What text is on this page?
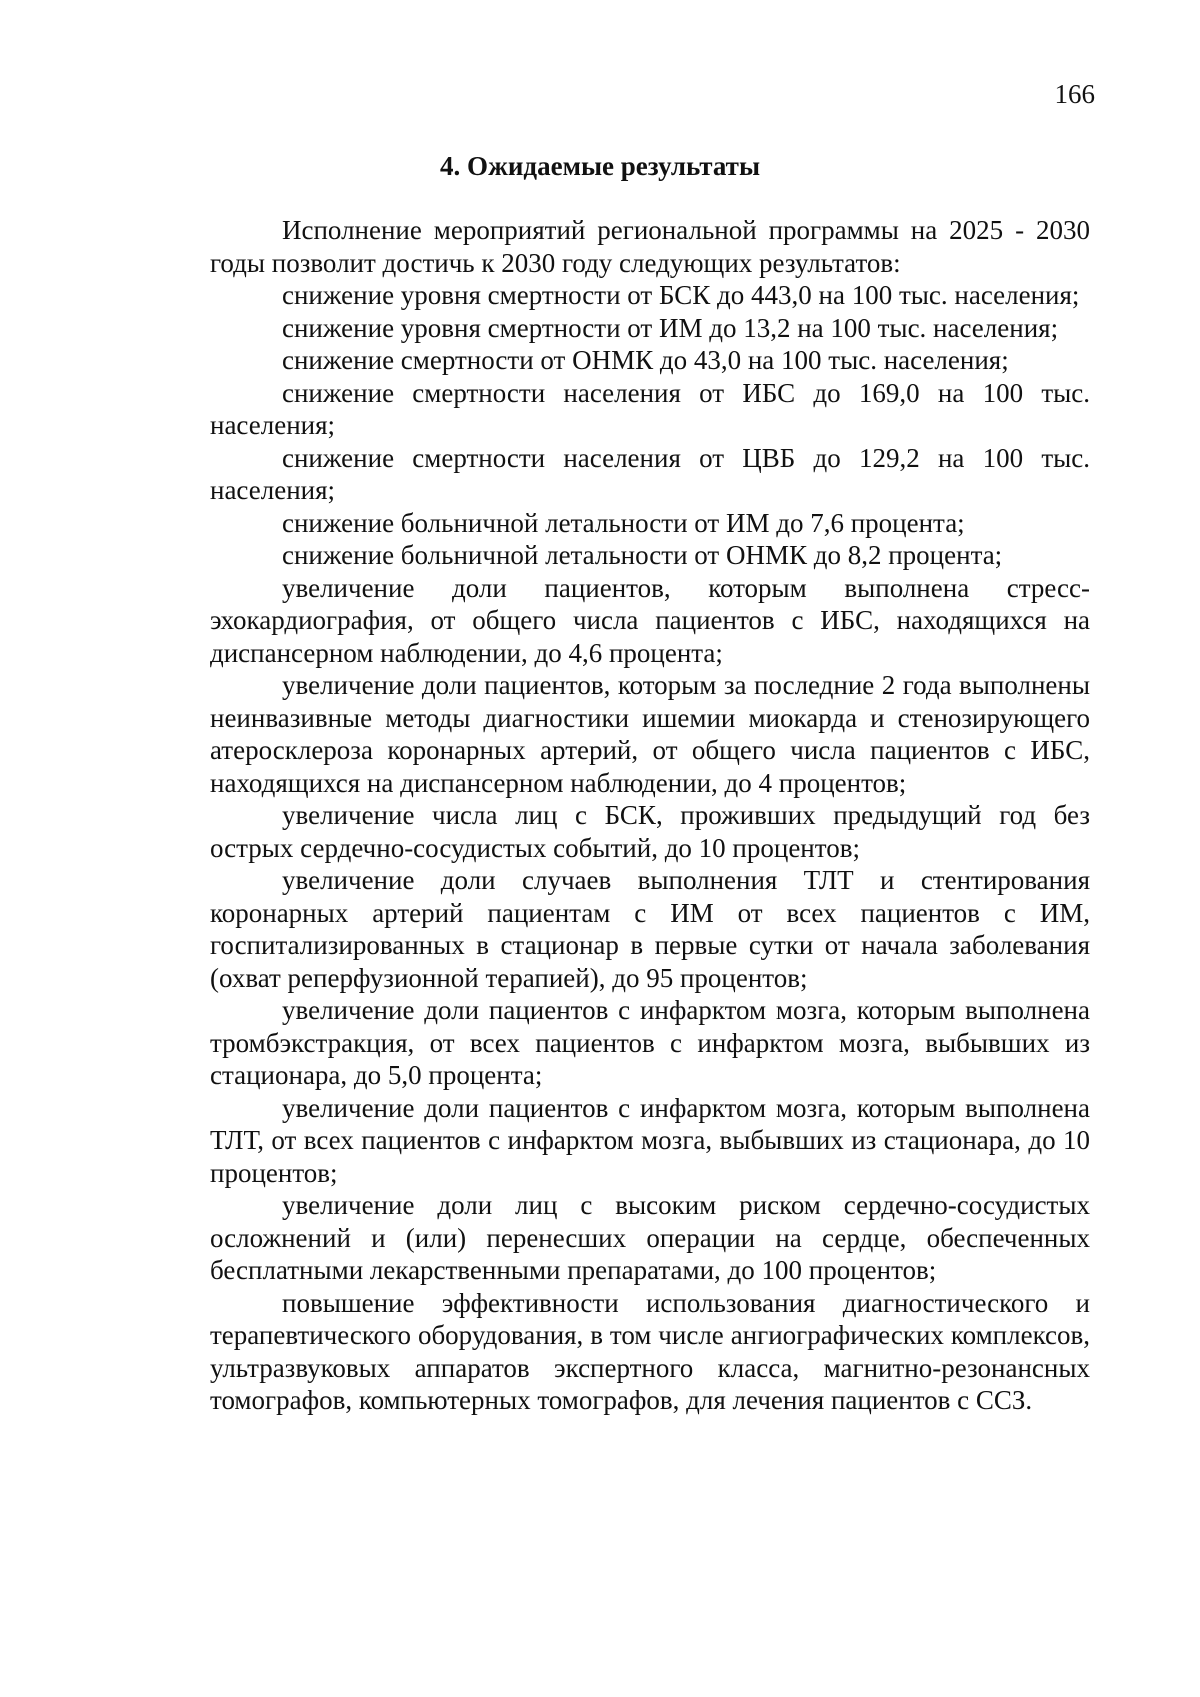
166
4. Ожидаемые результаты

Исполнение мероприятий региональной программы на 2025 - 2030 годы позволит достичь к 2030 году следующих результатов:

снижение уровня смертности от БСК до 443,0 на 100 тыс. населения;

снижение уровня смертности от ИМ до 13,2 на 100 тыс. населения;

снижение смертности от ОНМК до 43,0 на 100 тыс. населения;

снижение смертности населения от ИБС до 169,0 на 100 тыс. населения;

снижение смертности населения от ЦВБ до 129,2 на 100 тыс. населения;

снижение больничной летальности от ИМ до 7,6 процента;

снижение больничной летальности от ОНМК до 8,2 процента;

увеличение доли пациентов, которым выполнена стресс-эхокардиография, от общего числа пациентов с ИБС, находящихся на диспансерном наблюдении, до 4,6 процента;

увеличение доли пациентов, которым за последние 2 года выполнены неинвазивные методы диагностики ишемии миокарда и стенозирующего атеросклероза коронарных артерий, от общего числа пациентов с ИБС, находящихся на диспансерном наблюдении, до 4 процентов;

увеличение числа лиц с БСК, проживших предыдущий год без острых сердечно-сосудистых событий, до 10 процентов;

увеличение доли случаев выполнения ТЛТ и стентирования коронарных артерий пациентам с ИМ от всех пациентов с ИМ, госпитализированных в стационар в первые сутки от начала заболевания (охват реперфузионной терапией), до 95 процентов;

увеличение доли пациентов с инфарктом мозга, которым выполнена тромбэкстракция, от всех пациентов с инфарктом мозга, выбывших из стационара, до 5,0 процента;

увеличение доли пациентов с инфарктом мозга, которым выполнена ТЛТ, от всех пациентов с инфарктом мозга, выбывших из стационара, до 10 процентов;

увеличение доли лиц с высоким риском сердечно-сосудистых осложнений и (или) перенесших операции на сердце, обеспеченных бесплатными лекарственными препаратами, до 100 процентов;

повышение эффективности использования диагностического и терапевтического оборудования, в том числе ангиографических комплексов, ультразвуковых аппаратов экспертного класса, магнитно-резонансных томографов, компьютерных томографов, для лечения пациентов с ССЗ.
